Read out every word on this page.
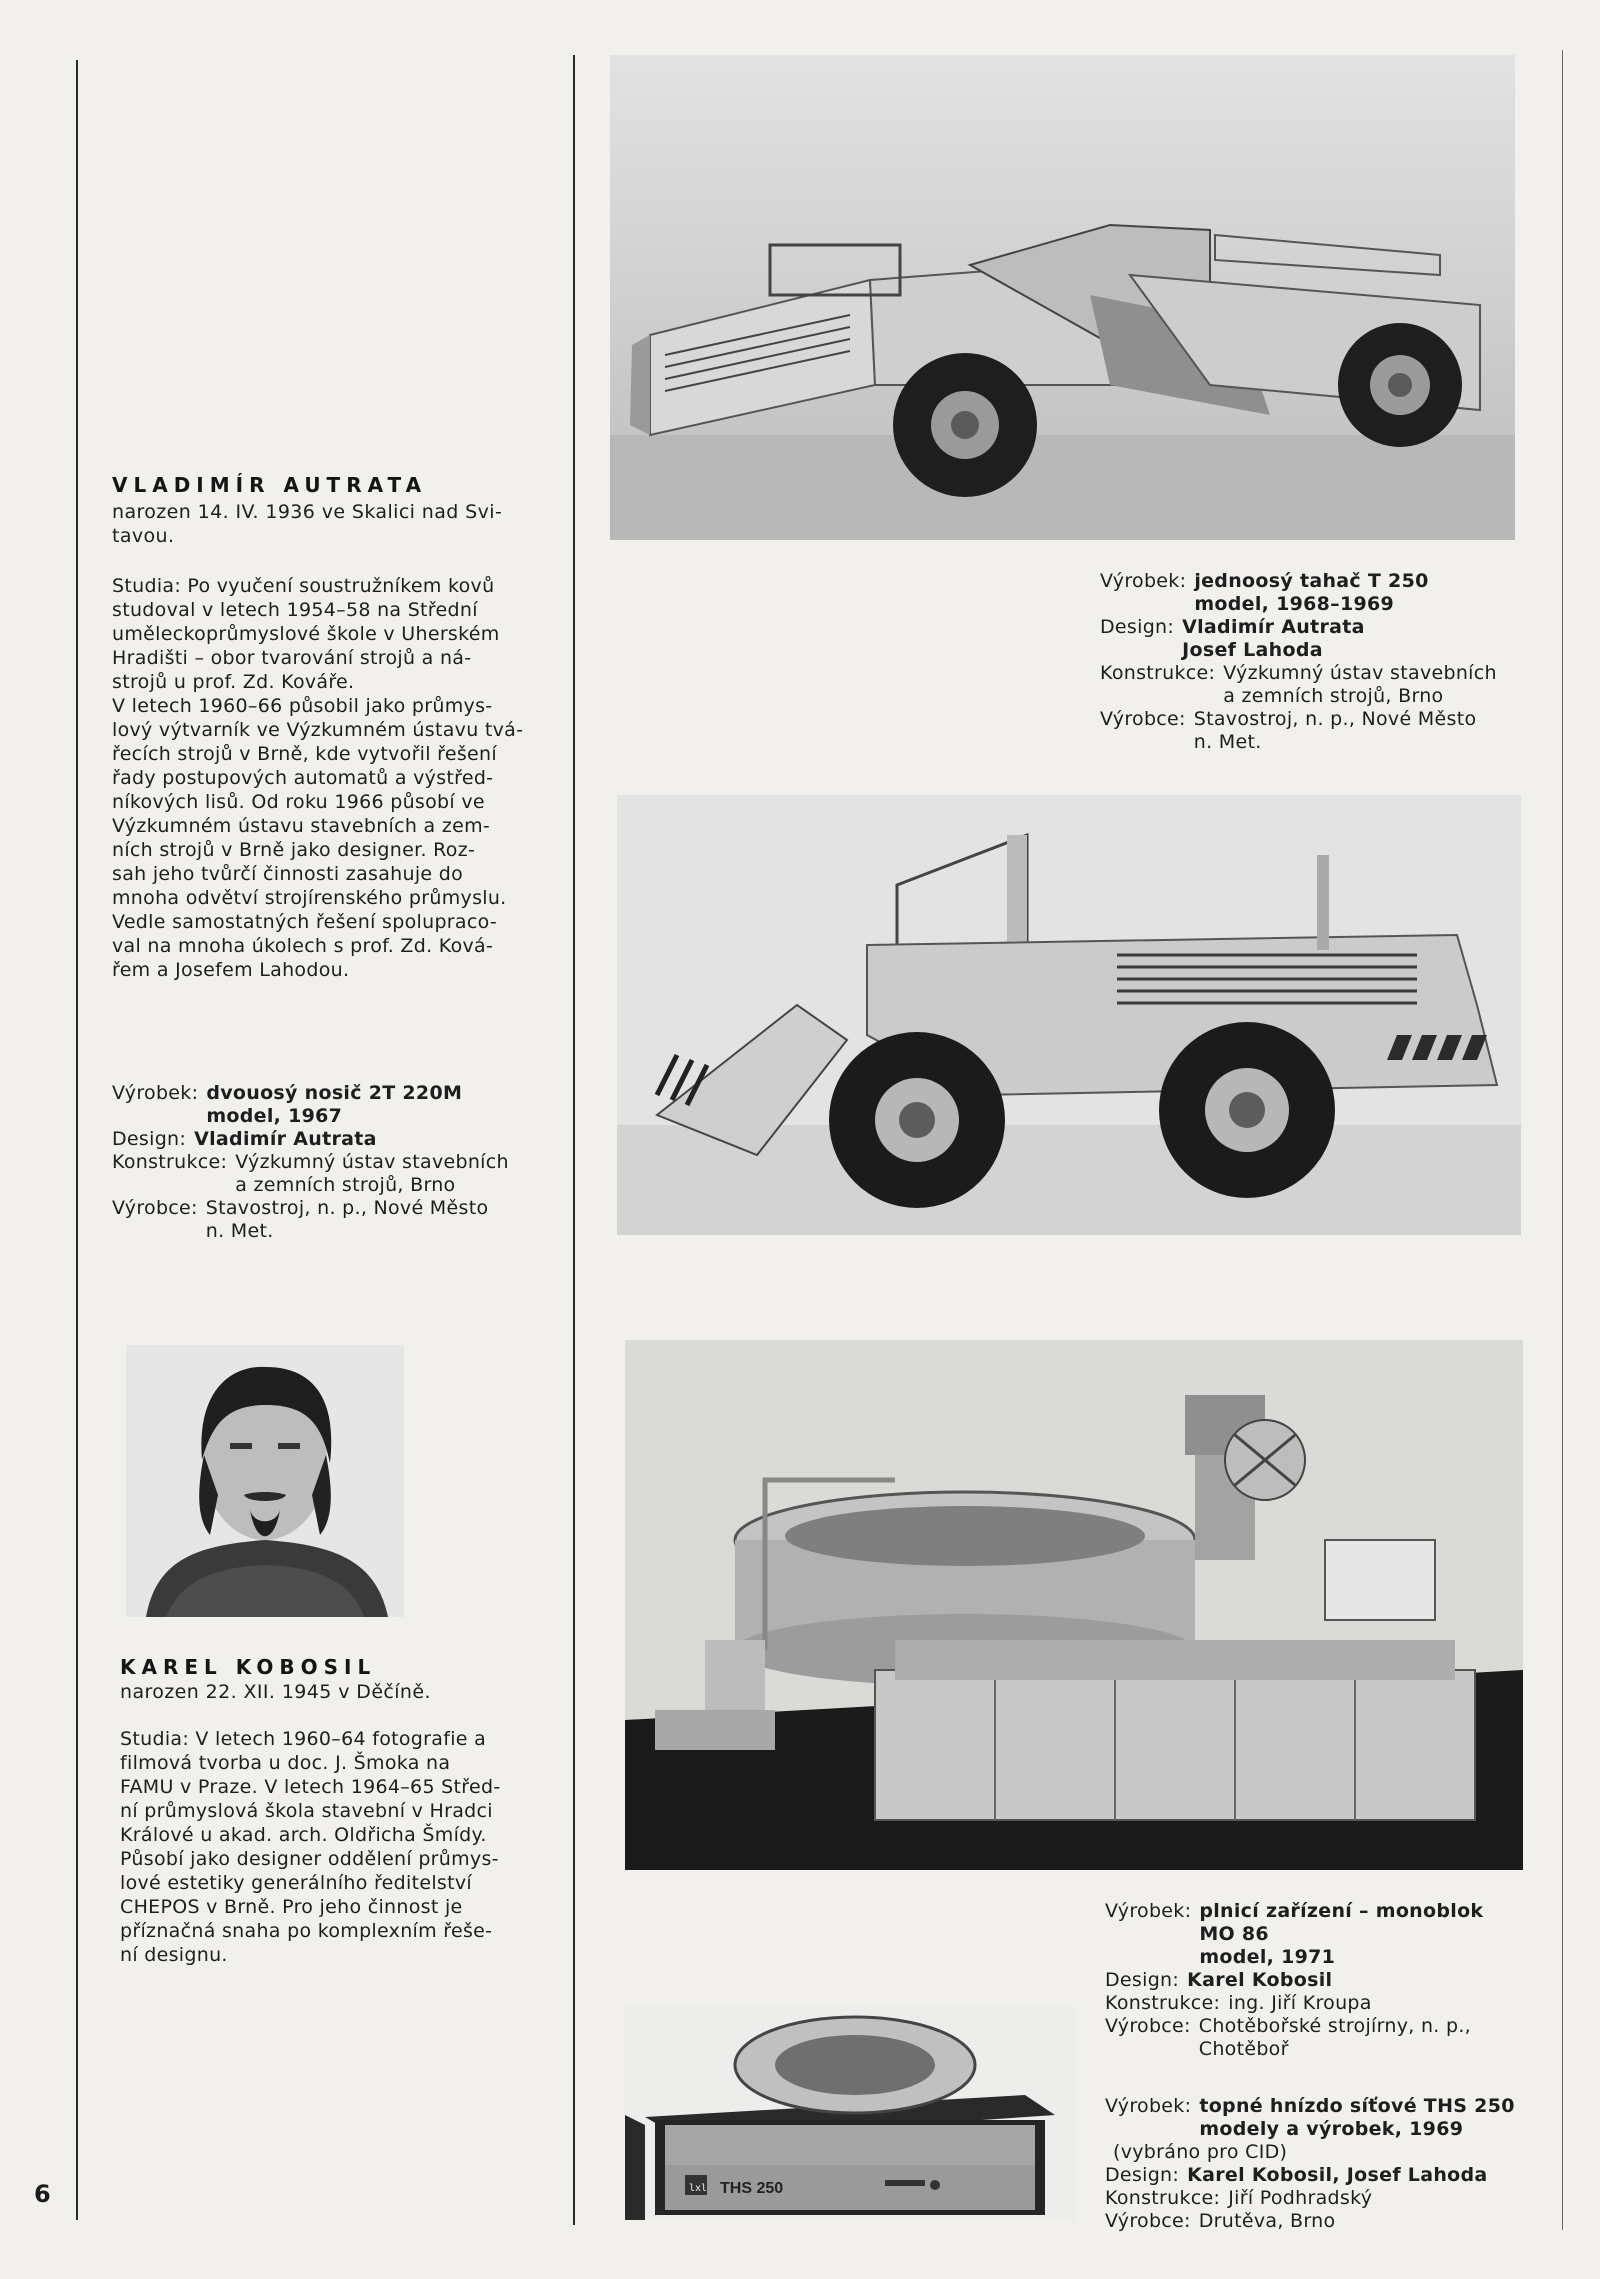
VLADIMÍR AUTRATA
narozen 14. IV. 1936 ve Skalici nad Svi-
tavou.

Studia: Po vyučení soustružníkem kovů

studoval v letech 1954–58 na Střední

uměleckoprůmyslové škole v Uherském

Hradišti – obor tvarování strojů a ná-

strojů u prof. Zd. Kováře.

V letech 1960–66 působil jako průmys-

lový výtvarník ve Výzkumném ústavu tvá-

řecích strojů v Brně, kde vytvořil řešení

řady postupových automatů a výstřed-

níkových lisů. Od roku 1966 působí ve

Výzkumném ústavu stavebních a zem-

ních strojů v Brně jako designer. Roz-

sah jeho tvůrčí činnosti zasahuje do

mnoha odvětví strojírenského průmyslu.

Vedle samostatných řešení spolupraco-

val na mnoha úkolech s prof. Zd. Ková-

řem a Josefem Lahodou.

Výrobek: dvouosý nosič 2T 220M
model, 1967
Design: Vladimír Autrata
Konstrukce: Výzkumný ústav stavebních
a zemních strojů, Brno
Výrobce: Stavostroj, n. p., Nové Město
n. Met.
KAREL KOBOSIL
narozen 22. XII. 1945 v Děčíně.

Studia: V letech 1960–64 fotografie a

filmová tvorba u doc. J. Šmoka na

FAMU v Praze. V letech 1964–65 Střed-

ní průmyslová škola stavební v Hradci

Králové u akad. arch. Oldřicha Šmídy.

Působí jako designer oddělení průmys-

lové estetiky generálního ředitelství

CHEPOS v Brně. Pro jeho činnost je

příznačná snaha po komplexním řeše-

ní designu.

Výrobek: jednoosý tahač T 250
model, 1968–1969
Design: Vladimír Autrata
Josef Lahoda
Konstrukce: Výzkumný ústav stavebních
a zemních strojů, Brno
Výrobce: Stavostroj, n. p., Nové Město
n. Met.
Výrobek: plnicí zařízení – monoblok
MO 86
model, 1971
Design: Karel Kobosil
Konstrukce: ing. Jiří Kroupa
Výrobce: Chotěbořské strojírny, n. p.,
Chotěboř
lxl THS 250
Výrobek: topné hnízdo síťové THS 250
modely a výrobek, 1969
(vybráno pro CID)
Design: Karel Kobosil, Josef Lahoda
Konstrukce: Jiří Podhradský
Výrobce: Drutěva, Brno
6
